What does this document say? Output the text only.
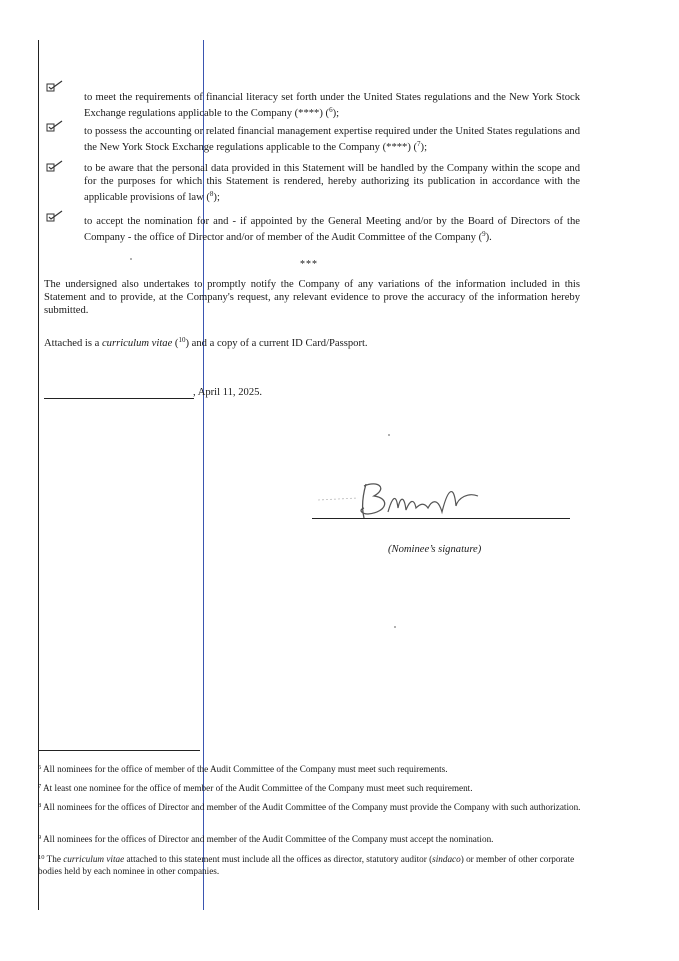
to meet the requirements of financial literacy set forth under the United States regulations and the New York Stock Exchange regulations applicable to the Company (****) ($^6$);
to possess the accounting or related financial management expertise required under the United States regulations and the New York Stock Exchange regulations applicable to the Company (****) ($^7$);
to be aware that the personal data provided in this Statement will be handled by the Company within the scope and for the purposes for which this Statement is rendered, hereby authorizing its publication in accordance with the applicable provisions of law ($^8$);
to accept the nomination for and - if appointed by the General Meeting and/or by the Board of Directors of the Company - the office of Director and/or of member of the Audit Committee of the Company ($^9$).
***
The undersigned also undertakes to promptly notify the Company of any variations of the information included in this Statement and to provide, at the Company's request, any relevant evidence to prove the accuracy of the information hereby submitted.
Attached is a curriculum vitae ($^{10}$) and a copy of a current ID Card/Passport.
, April 11, 2025.
(Nominee’s signature)
$^6$ All nominees for the office of member of the Audit Committee of the Company must meet such requirements.
$^7$ At least one nominee for the office of member of the Audit Committee of the Company must meet such requirement.
$^8$ All nominees for the offices of Director and member of the Audit Committee of the Company must provide the Company with such authorization.
$^9$ All nominees for the offices of Director and member of the Audit Committee of the Company must accept the nomination.
$^{10}$ The curriculum vitae attached to this statement must include all the offices as director, statutory auditor (sindaco) or member of other corporate bodies held by each nominee in other companies.
